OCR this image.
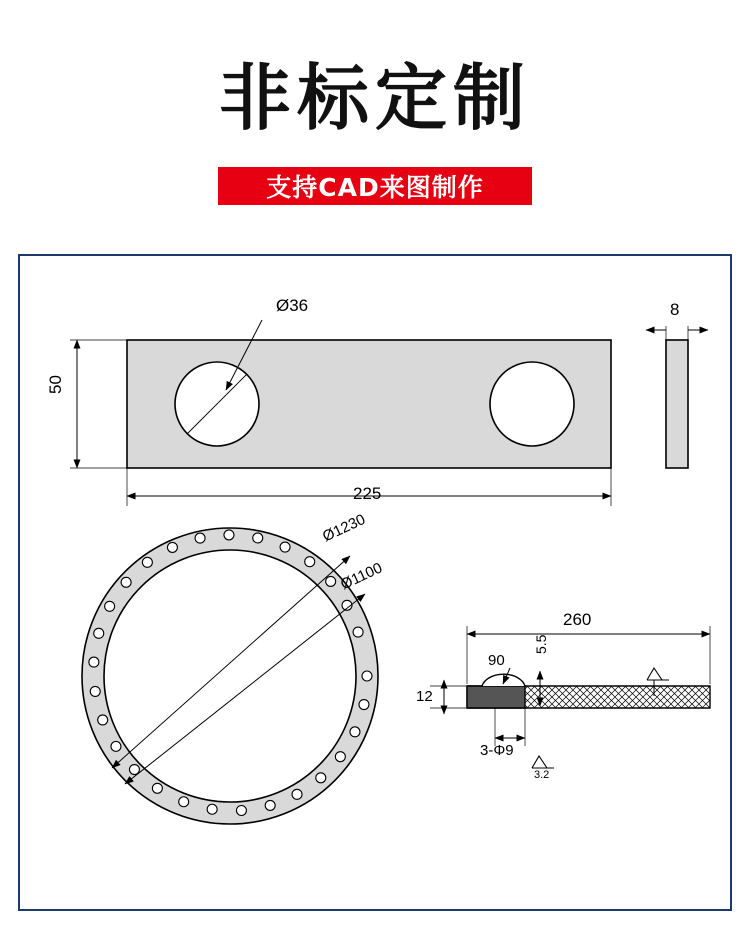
非标定制
支持CAD来图制作
Ø36
50
225
8
Ø1230
Ø1100
260
90
5.5
12
3-Φ9
3.2
